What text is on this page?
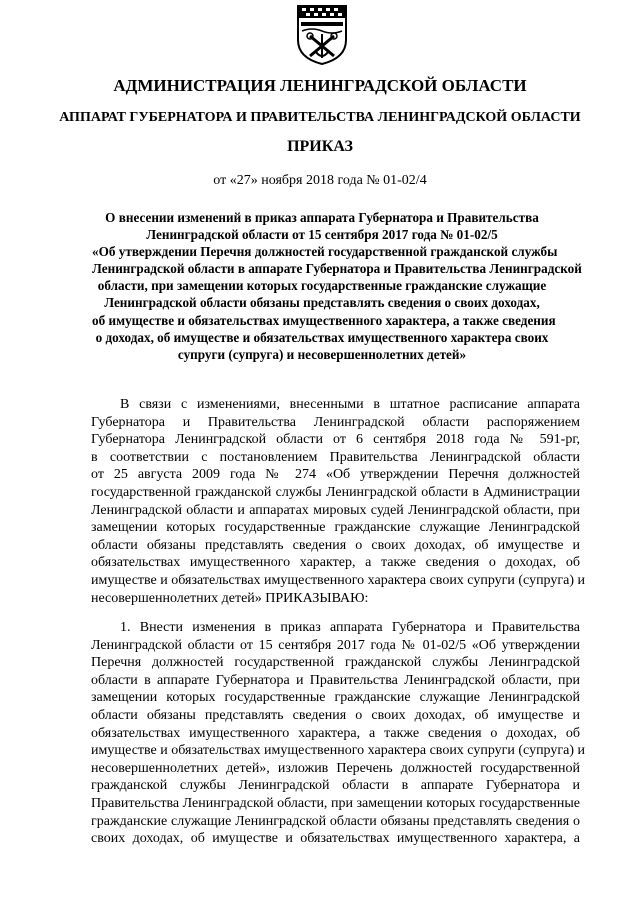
АДМИНИСТРАЦИЯ ЛЕНИНГРАДСКОЙ ОБЛАСТИ
АППАРАТ ГУБЕРНАТОРА И ПРАВИТЕЛЬСТВА ЛЕНИНГРАДСКОЙ ОБЛАСТИ
ПРИКАЗ
от «27» ноября 2018 года № 01-02/4
О внесении изменений в приказ аппарата Губернатора и Правительства
Ленинградской области от 15 сентября 2017 года № 01-02/5
«Об утверждении Перечня должностей государственной гражданской службы
Ленинградской области в аппарате Губернатора и Правительства Ленинградской
области, при замещении которых государственные гражданские служащие
Ленинградской области обязаны представлять сведения о своих доходах,
об имуществе и обязательствах имущественного характера, а также сведения
о доходах, об имуществе и обязательствах имущественного характера своих
супруги (супруга) и несовершеннолетних детей»
В связи с изменениями, внесенными в штатное расписание аппарата
Губернатора и Правительства Ленинградской области распоряжением
Губернатора Ленинградской области от 6 сентября 2018 года № 591-рг,
в соответствии с постановлением Правительства Ленинградской области
от 25 августа 2009 года № 274 «Об утверждении Перечня должностей
государственной гражданской службы Ленинградской области в Администрации
Ленинградской области и аппаратах мировых судей Ленинградской области, при
замещении которых государственные гражданские служащие Ленинградской
области обязаны представлять сведения о своих доходах, об имуществе и
обязательствах имущественного характер, а также сведения о доходах, об
имуществе и обязательствах имущественного характера своих супруги (супруга) и
несовершеннолетних детей» ПРИКАЗЫВАЮ:
1. Внести изменения в приказ аппарата Губернатора и Правительства
Ленинградской области от 15 сентября 2017 года № 01-02/5 «Об утверждении
Перечня должностей государственной гражданской службы Ленинградской
области в аппарате Губернатора и Правительства Ленинградской области, при
замещении которых государственные гражданские служащие Ленинградской
области обязаны представлять сведения о своих доходах, об имуществе и
обязательствах имущественного характера, а также сведения о доходах, об
имуществе и обязательствах имущественного характера своих супруги (супруга) и
несовершеннолетних детей», изложив Перечень должностей государственной
гражданской службы Ленинградской области в аппарате Губернатора и
Правительства Ленинградской области, при замещении которых государственные
гражданские служащие Ленинградской области обязаны представлять сведения о
своих доходах, об имуществе и обязательствах имущественного характера, а
